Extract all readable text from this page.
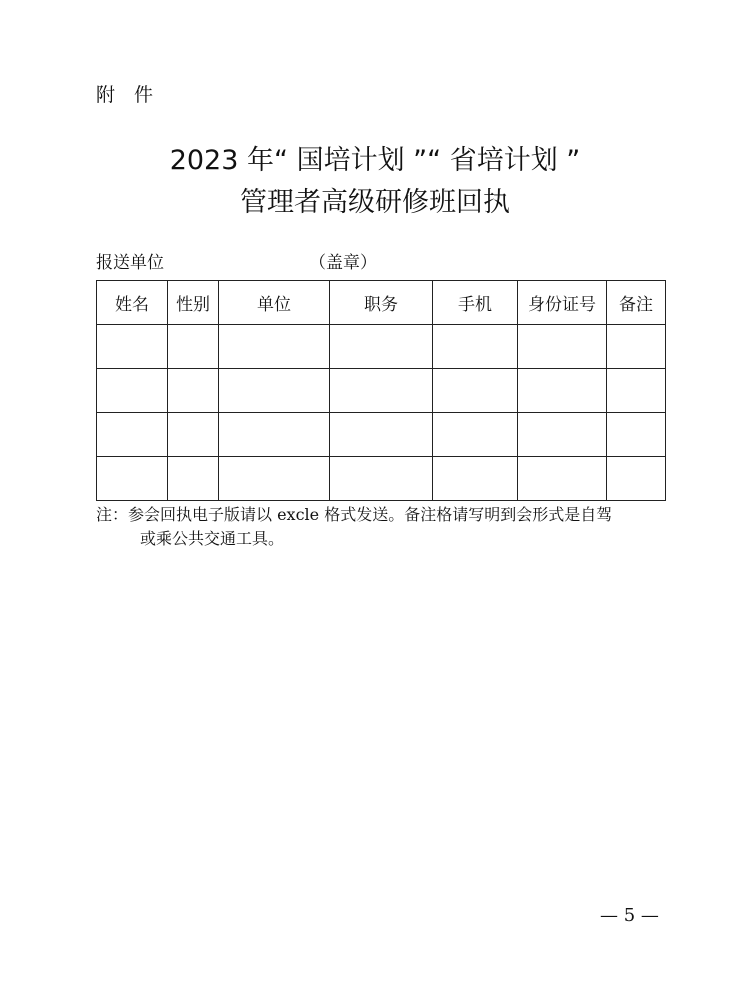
附　件
2023 年“ 国培计划 ”“ 省培计划 ”
管理者高级研修班回执
报送单位	（盖章）
姓名	性别	单位	职务	手机	身份证号	备注

注：参会回执电子版请以 excle 格式发送。备注格请写明到会形式是自驾
或乘公共交通工具。
— 5 —
